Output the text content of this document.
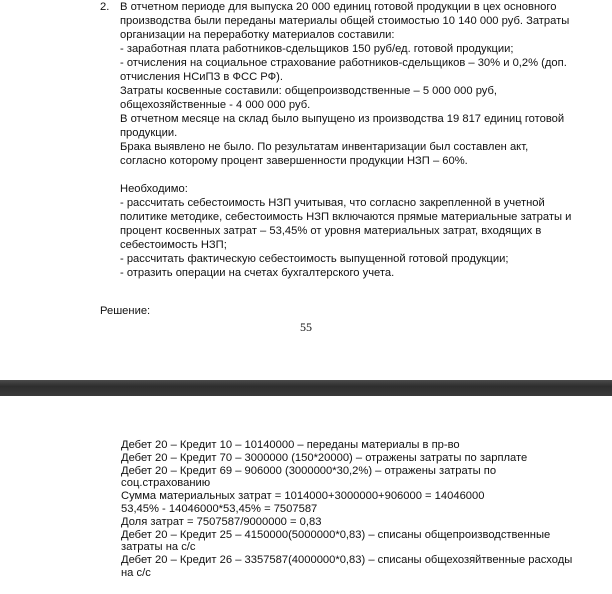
2. В отчетном периоде для выпуска 20 000 единиц готовой продукции в цех основного
производства были переданы материалы общей стоимостью 10 140 000 руб. Затраты
организации на переработку материалов составили:
- заработная плата работников-сдельщиков 150 руб/ед. готовой продукции;
- отчисления на социальное страхование работников-сдельщиков – 30% и 0,2% (доп.
отчисления НСиПЗ в ФСС РФ).
Затраты косвенные составили: общепроизводственные – 5 000 000 руб,
общехозяйственные - 4 000 000 руб.
В отчетном месяце на склад было выпущено из производства 19 817 единиц готовой
продукции.
Брака выявлено не было. По результатам инвентаризации был составлен акт,
согласно которому процент завершенности продукции НЗП – 60%.
Необходимо:
- рассчитать себестоимость НЗП учитывая, что согласно закрепленной в учетной
политике методике, себестоимость НЗП включаются прямые материальные затраты и
процент косвенных затрат – 53,45% от уровня материальных затрат, входящих в
себестоимость НЗП;
- рассчитать фактическую себестоимость выпущенной готовой продукции;
- отразить операции на счетах бухгалтерского учета.
Решение:
55
Дебет 20 – Кредит 10 – 10140000 – переданы материалы в пр-во
Дебет 20 – Кредит 70 – 3000000 (150*20000) – отражены затраты по зарплате
Дебет 20 – Кредит 69 – 906000 (3000000*30,2%) – отражены затраты по
соц.страхованию
Сумма материальных затрат = 1014000+3000000+906000 = 14046000
53,45% - 14046000*53,45% = 7507587
Доля затрат = 7507587/9000000 = 0,83
Дебет 20 – Кредит 25 – 4150000(5000000*0,83) – списаны общепроизводственные
затраты на с/с
Дебет 20 – Кредит 26 – 3357587(4000000*0,83) – списаны общехозяйтвенные расходы
на с/с
